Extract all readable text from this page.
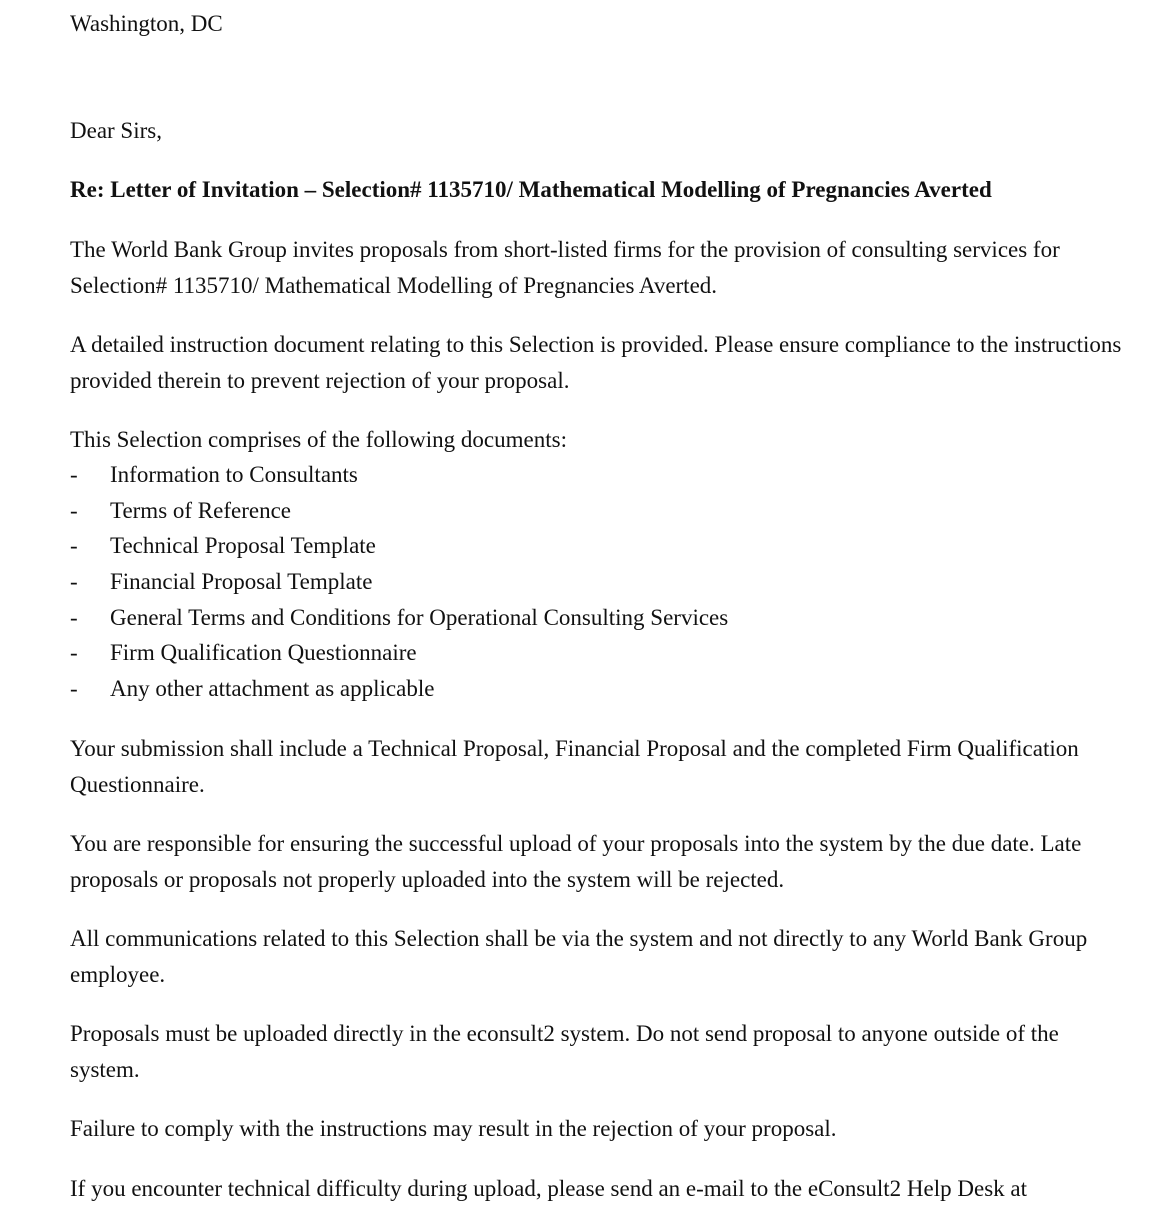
Washington, DC
Dear Sirs,
Re: Letter of Invitation – Selection# 1135710/ Mathematical Modelling of Pregnancies Averted
The World Bank Group invites proposals from short-listed firms for the provision of consulting services for Selection# 1135710/ Mathematical Modelling of Pregnancies Averted.
A detailed instruction document relating to this Selection is provided. Please ensure compliance to the instructions provided therein to prevent rejection of your proposal.
This Selection comprises of the following documents:
- Information to Consultants
- Terms of Reference
- Technical Proposal Template
- Financial Proposal Template
- General Terms and Conditions for Operational Consulting Services
- Firm Qualification Questionnaire
- Any other attachment as applicable
Your submission shall include a Technical Proposal, Financial Proposal and the completed Firm Qualification Questionnaire.
You are responsible for ensuring the successful upload of your proposals into the system by the due date. Late proposals or proposals not properly uploaded into the system will be rejected.
All communications related to this Selection shall be via the system and not directly to any World Bank Group employee.
Proposals must be uploaded directly in the econsult2 system. Do not send proposal to anyone outside of the system.
Failure to comply with the instructions may result in the rejection of your proposal.
If you encounter technical difficulty during upload, please send an e-mail to the eConsult2 Help Desk at
